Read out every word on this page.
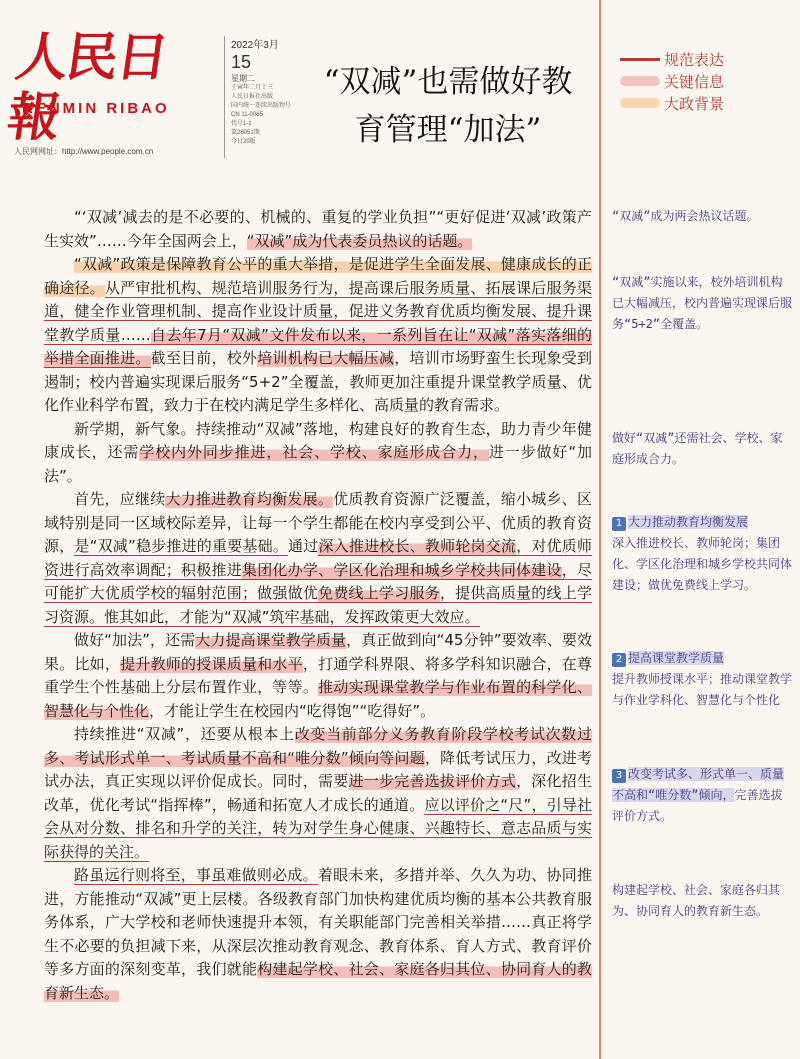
人民日報
RENMIN RIBAO
人民网网址：http://www.people.com.cn
2022年3月
15
星期二
壬寅年二月十三
人民日报社出版
国内统一连续出版物号
CN 11-0065
代号1-1
第26051期
今日20版
“双减”也需做好教育管理“加法”
规范表达
关键信息
大政背景

“‘双减’减去的是不必要的、机械的、重复的学业负担”“更好促进‘双减’政策产生实效”……今年全国两会上，“双减”成为代表委员热议的话题。

“双减”政策是保障教育公平的重大举措，是促进学生全面发展、健康成长的正确途径。从严审批机构、规范培训服务行为，提高课后服务质量、拓展课后服务渠道，健全作业管理机制、提高作业设计质量，促进义务教育优质均衡发展、提升课堂教学质量……自去年7月“双减”文件发布以来，一系列旨在让“双减”落实落细的举措全面推进。截至目前，校外培训机构已大幅压减，培训市场野蛮生长现象受到遏制；校内普遍实现课后服务“5+2”全覆盖，教师更加注重提升课堂教学质量、优化作业科学布置，致力于在校内满足学生多样化、高质量的教育需求。

新学期，新气象。持续推动“双减”落地，构建良好的教育生态，助力青少年健康成长，还需学校内外同步推进，社会、学校、家庭形成合力，进一步做好“加法”。

首先，应继续大力推进教育均衡发展。优质教育资源广泛覆盖，缩小城乡、区域特别是同一区域校际差异，让每一个学生都能在校内享受到公平、优质的教育资源，是“双减”稳步推进的重要基础。通过深入推进校长、教师轮岗交流，对优质师资进行高效率调配；积极推进集团化办学、学区化治理和城乡学校共同体建设，尽可能扩大优质学校的辐射范围；做强做优免费线上学习服务，提供高质量的线上学习资源。惟其如此，才能为“双减”筑牢基础，发挥政策更大效应。

做好“加法”，还需大力提高课堂教学质量，真正做到向“45分钟”要效率、要效果。比如，提升教师的授课质量和水平，打通学科界限、将多学科知识融合，在尊重学生个性基础上分层布置作业，等等。推动实现课堂教学与作业布置的科学化、智慧化与个性化，才能让学生在校园内“吃得饱”“吃得好”。

持续推进“双减”，还要从根本上改变当前部分义务教育阶段学校考试次数过多、考试形式单一、考试质量不高和“唯分数”倾向等问题，降低考试压力，改进考试办法，真正实现以评价促成长。同时，需要进一步完善选拔评价方式，深化招生改革，优化考试“指挥棒”，畅通和拓宽人才成长的通道。应以评价之“尺”，引导社会从对分数、排名和升学的关注，转为对学生身心健康、兴趣特长、意志品质与实际获得的关注。

路虽远行则将至，事虽难做则必成。着眼未来，多措并举、久久为功、协同推进，方能推动“双减”更上层楼。各级教育部门加快构建优质均衡的基本公共教育服务体系，广大学校和老师快速提升本领，有关职能部门完善相关举措……真正将学生不必要的负担减下来，从深层次推动教育观念、教育体系、育人方式、教育评价等多方面的深刻变革，我们就能构建起学校、社会、家庭各归其位、协同育人的教育新生态。

“双减”成为两会热议话题。
“双减”实施以来，校外培训机构已大幅减压，校内普遍实现课后服务“5+2”全覆盖。
做好“双减”还需社会、学校、家庭形成合力。
1 大力推动教育均衡发展
深入推进校长、教师轮岗；集团化、学区化治理和城乡学校共同体建设；做优免费线上学习。
2 提高课堂教学质量
提升教师授课水平；推动课堂教学与作业学科化、智慧化与个性化
3 改变考试多、形式单一、质量不高和“唯分数”倾向，完善选拔评价方式。
构建起学校、社会、家庭各归其为、协同育人的教育新生态。
